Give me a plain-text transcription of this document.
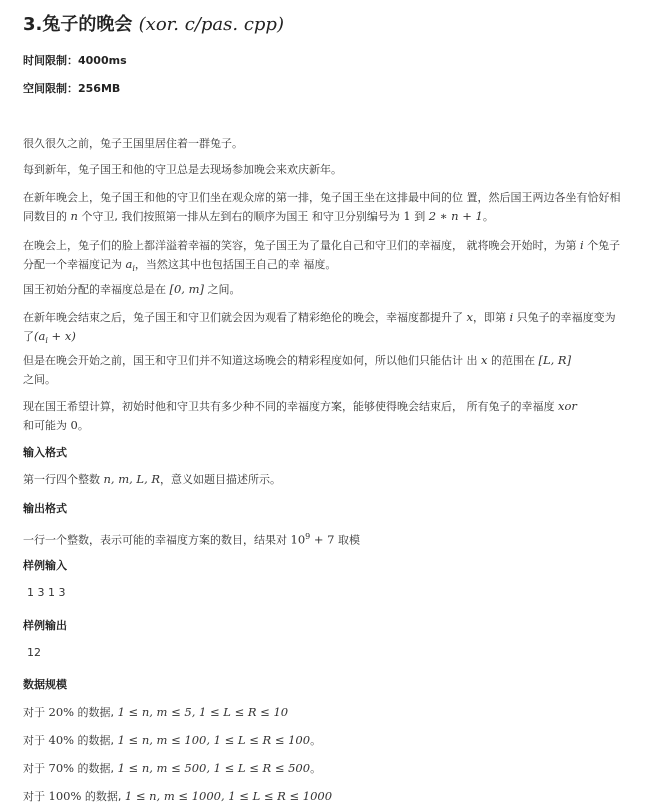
3.兔子的晚会 (xor. c/pas. cpp)
时间限制：4000ms
空间限制：256MB
很久很久之前，兔子王国里居住着一群兔子。
每到新年，兔子国王和他的守卫总是去现场参加晚会来欢庆新年。
在新年晚会上，兔子国王和他的守卫们坐在观众席的第一排，兔子国王坐在这排最中间的位 置，然后国王两边各坐有恰好相同数目的 n 个守卫, 我们按照第一排从左到右的顺序为国王 和守卫分别编号为 1 到 2 ∗ n + 1。
在晚会上，兔子们的脸上都洋溢着幸福的笑容，兔子国王为了量化自己和守卫们的幸福度， 就将晚会开始时，为第 i 个兔子分配一个幸福度记为 $a_i$，当然这其中也包括国王自己的幸 福度。
国王初始分配的幸福度总是在 [0, m] 之间。
在新年晚会结束之后，兔子国王和守卫们就会因为观看了精彩绝伦的晚会，幸福度都提升了 x，即第 i 只兔子的幸福度变为了$(a_i + x)$
但是在晚会开始之前，国王和守卫们并不知道这场晚会的精彩程度如何，所以他们只能估计 出 x 的范围在 [L, R]
之间。
现在国王希望计算，初始时他和守卫共有多少种不同的幸福度方案，能够使得晚会结束后， 所有兔子的幸福度 xor
和可能为 0。
输入格式
第一行四个整数 n, m, L, R，意义如题目描述所示。
输出格式
一行一个整数，表示可能的幸福度方案的数目，结果对 $10^9 + 7$ 取模
样例输入
1 3 1 3
样例输出
12
数据规模
对于 20% 的数据, 1 ≤ n, m ≤ 5, 1 ≤ L ≤ R ≤ 10
对于 40% 的数据, 1 ≤ n, m ≤ 100, 1 ≤ L ≤ R ≤ 100。
对于 70% 的数据, 1 ≤ n, m ≤ 500, 1 ≤ L ≤ R ≤ 500。
对于 100% 的数据, 1 ≤ n, m ≤ 1000, 1 ≤ L ≤ R ≤ 1000
